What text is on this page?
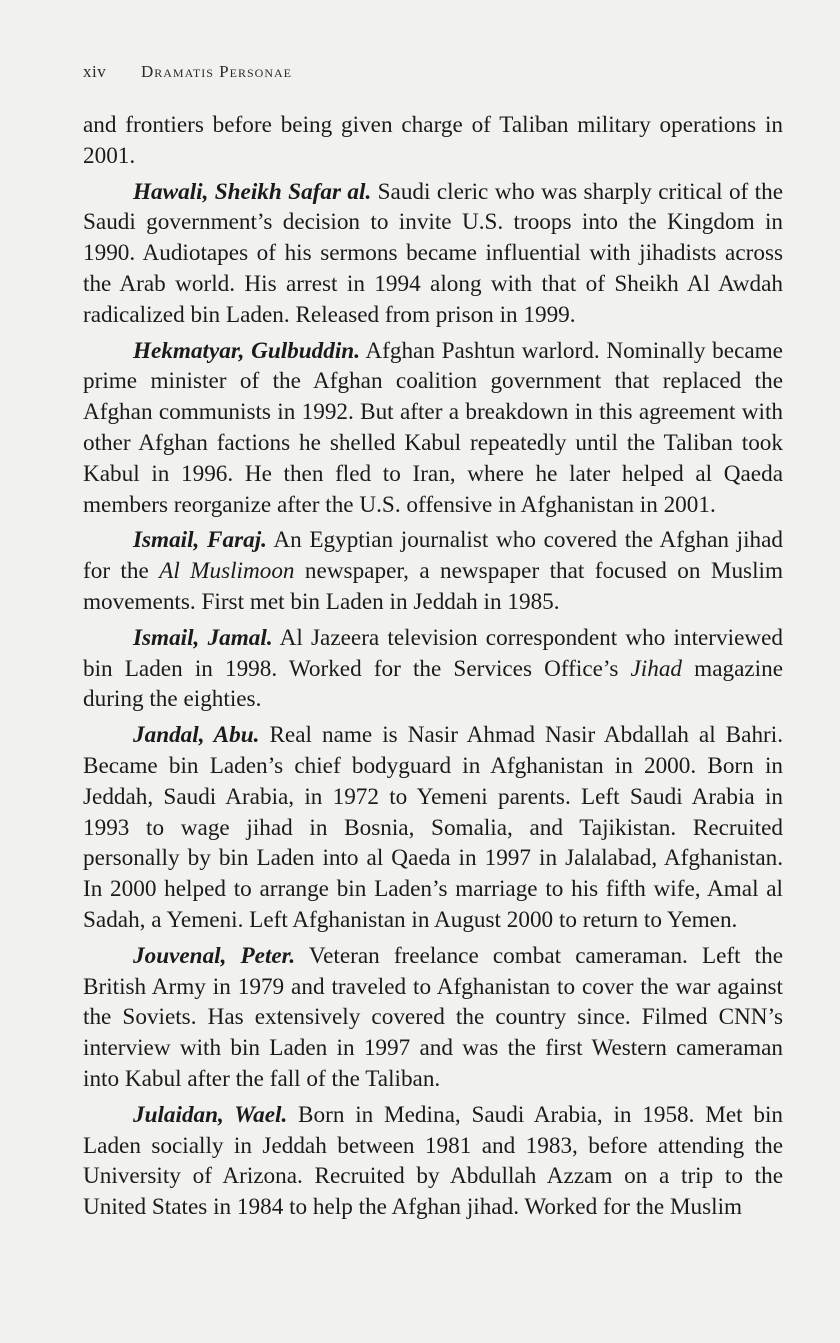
xiv Dramatis Personae

and frontiers before being given charge of Taliban military operations in 2001.

Hawali, Sheikh Safar al. Saudi cleric who was sharply critical of the Saudi government’s decision to invite U.S. troops into the Kingdom in 1990. Audiotapes of his sermons became influential with jihadists across the Arab world. His arrest in 1994 along with that of Sheikh Al Awdah radicalized bin Laden. Released from prison in 1999.

Hekmatyar, Gulbuddin. Afghan Pashtun warlord. Nominally became prime minister of the Afghan coalition government that replaced the Afghan communists in 1992. But after a breakdown in this agreement with other Afghan factions he shelled Kabul repeatedly until the Taliban took Kabul in 1996. He then fled to Iran, where he later helped al Qaeda members reorganize after the U.S. offensive in Afghanistan in 2001.

Ismail, Faraj. An Egyptian journalist who covered the Afghan jihad for the Al Muslimoon newspaper, a newspaper that focused on Muslim movements. First met bin Laden in Jeddah in 1985.

Ismail, Jamal. Al Jazeera television correspondent who interviewed bin Laden in 1998. Worked for the Services Office’s Jihad magazine during the eighties.

Jandal, Abu. Real name is Nasir Ahmad Nasir Abdallah al Bahri. Became bin Laden’s chief bodyguard in Afghanistan in 2000. Born in Jeddah, Saudi Arabia, in 1972 to Yemeni parents. Left Saudi Arabia in 1993 to wage jihad in Bosnia, Somalia, and Tajikistan. Recruited personally by bin Laden into al Qaeda in 1997 in Jalalabad, Afghanistan. In 2000 helped to arrange bin Laden’s marriage to his fifth wife, Amal al Sadah, a Yemeni. Left Afghanistan in August 2000 to return to Yemen.

Jouvenal, Peter. Veteran freelance combat cameraman. Left the British Army in 1979 and traveled to Afghanistan to cover the war against the Soviets. Has extensively covered the country since. Filmed CNN’s interview with bin Laden in 1997 and was the first Western cameraman into Kabul after the fall of the Taliban.

Julaidan, Wael. Born in Medina, Saudi Arabia, in 1958. Met bin Laden socially in Jeddah between 1981 and 1983, before attending the University of Arizona. Recruited by Abdullah Azzam on a trip to the United States in 1984 to help the Afghan jihad. Worked for the Muslim
